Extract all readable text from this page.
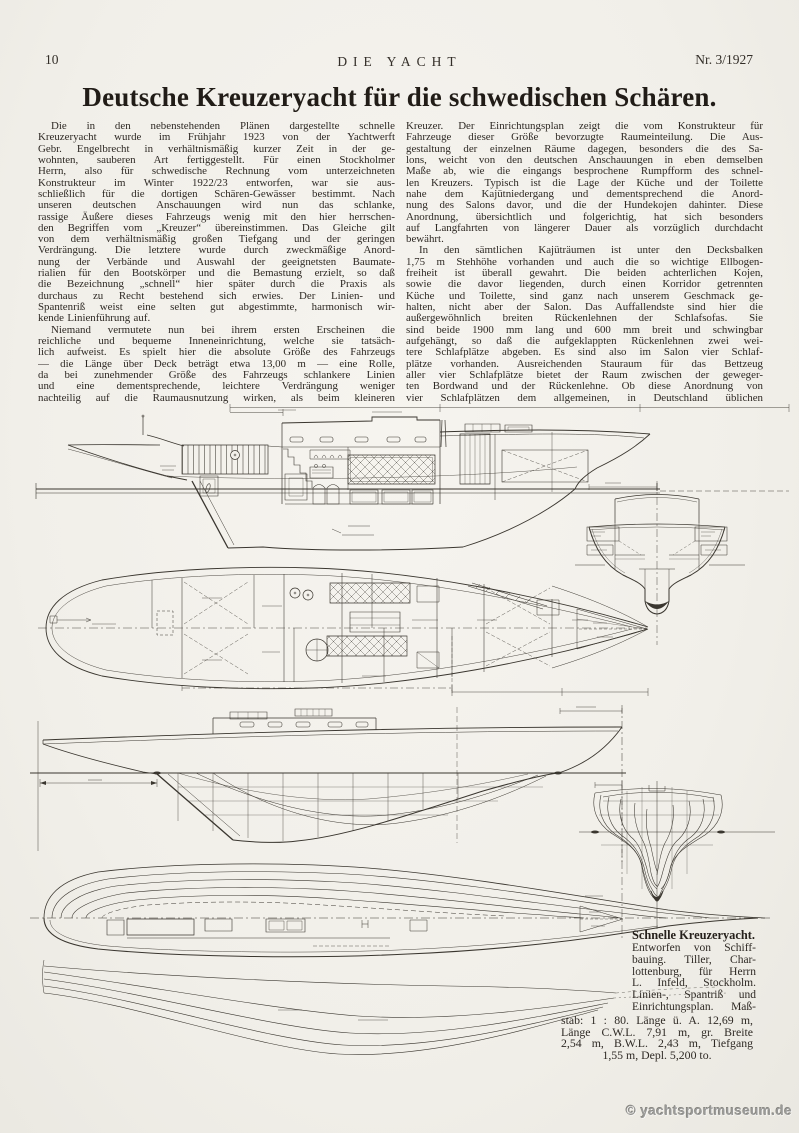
10	DIE YACHT	Nr. 3/1927
Deutsche Kreuzeryacht für die schwedischen Schären.
Die in den nebenstehenden Plänen dargestellte schnelle
Kreuzeryacht wurde im Frühjahr 1923 von der Yachtwerft
Gebr. Engelbrecht in verhältnismäßig kurzer Zeit in der ge-
wohnten, sauberen Art fertiggestellt. Für einen Stockholmer
Herrn, also für schwedische Rechnung vom unterzeichneten
Konstrukteur im Winter 1922/23 entworfen, war sie aus-
schließlich für die dortigen Schären-Gewässer bestimmt. Nach
unseren deutschen Anschauungen wird nun das schlanke,
rassige Äußere dieses Fahrzeugs wenig mit den hier herrschen-
den Begriffen vom „Kreuzer“ übereinstimmen. Das Gleiche gilt
von dem verhältnismäßig großen Tiefgang und der geringen
Verdrängung. Die letztere wurde durch zweckmäßige Anord-
nung der Verbände und Auswahl der geeignetsten Baumate-
rialien für den Bootskörper und die Bemastung erzielt, so daß
die Bezeichnung „schnell“ hier später durch die Praxis als
durchaus zu Recht bestehend sich erwies. Der Linien- und
Spantenriß weist eine selten gut abgestimmte, harmonisch wir-
kende Linienführung auf.
Niemand vermutete nun bei ihrem ersten Erscheinen die
reichliche und bequeme Inneneinrichtung, welche sie tatsäch-
lich aufweist. Es spielt hier die absolute Größe des Fahrzeugs
— die Länge über Deck beträgt etwa 13,00 m — eine Rolle,
da bei zunehmender Größe des Fahrzeugs schlankere Linien
und eine dementsprechende, leichtere Verdrängung weniger
nachteilig auf die Raumausnutzung wirken, als beim kleineren
Kreuzer. Der Einrichtungsplan zeigt die vom Konstrukteur für
Fahrzeuge dieser Größe bevorzugte Raumeinteilung. Die Aus-
gestaltung der einzelnen Räume dagegen, besonders die des Sa-
lons, weicht von den deutschen Anschauungen in eben demselben
Maße ab, wie die eingangs besprochene Rumpfform des schnel-
len Kreuzers. Typisch ist die Lage der Küche und der Toilette
nahe dem Kajütniedergang und dementsprechend die Anord-
nung des Salons davor, und die der Hundekojen dahinter. Diese
Anordnung, übersichtlich und folgerichtig, hat sich besonders
auf Langfahrten von längerer Dauer als vorzüglich durchdacht
bewährt.
In den sämtlichen Kajüträumen ist unter den Decksbalken
1,75 m Stehhöhe vorhanden und auch die so wichtige Ellbogen-
freiheit ist überall gewahrt. Die beiden achterlichen Kojen,
sowie die davor liegenden, durch einen Korridor getrennten
Küche und Toilette, sind ganz nach unserem Geschmack ge-
halten, nicht aber der Salon. Das Auffallendste sind hier die
außergewöhnlich breiten Rückenlehnen der Schlafsofas. Sie
sind beide 1900 mm lang und 600 mm breit und schwingbar
aufgehängt, so daß die aufgeklappten Rückenlehnen zwei wei-
tere Schlafplätze abgeben. Es sind also im Salon vier Schlaf-
plätze vorhanden. Ausreichenden Stauraum für das Bettzeug
aller vier Schlafplätze bietet der Raum zwischen der geweger-
ten Bordwand und der Rückenlehne. Ob diese Anordnung von
vier Schlafplätzen dem allgemeinen, in Deutschland üblichen
Schnelle Kreuzeryacht.
Entworfen von Schiff-
bauing. Tiller, Char-
lottenburg, für Herrn
L. Infeld, Stockholm.
Linien-, Spantriß und
Einrichtungsplan. Maß-
stab: 1 : 80. Länge ü. A. 12,69 m,
Länge C.W.L. 7,91 m, gr. Breite
2,54 m, B.W.L. 2,43 m, Tiefgang
1,55 m, Depl. 5,200 to.
© yachtsportmuseum.de
